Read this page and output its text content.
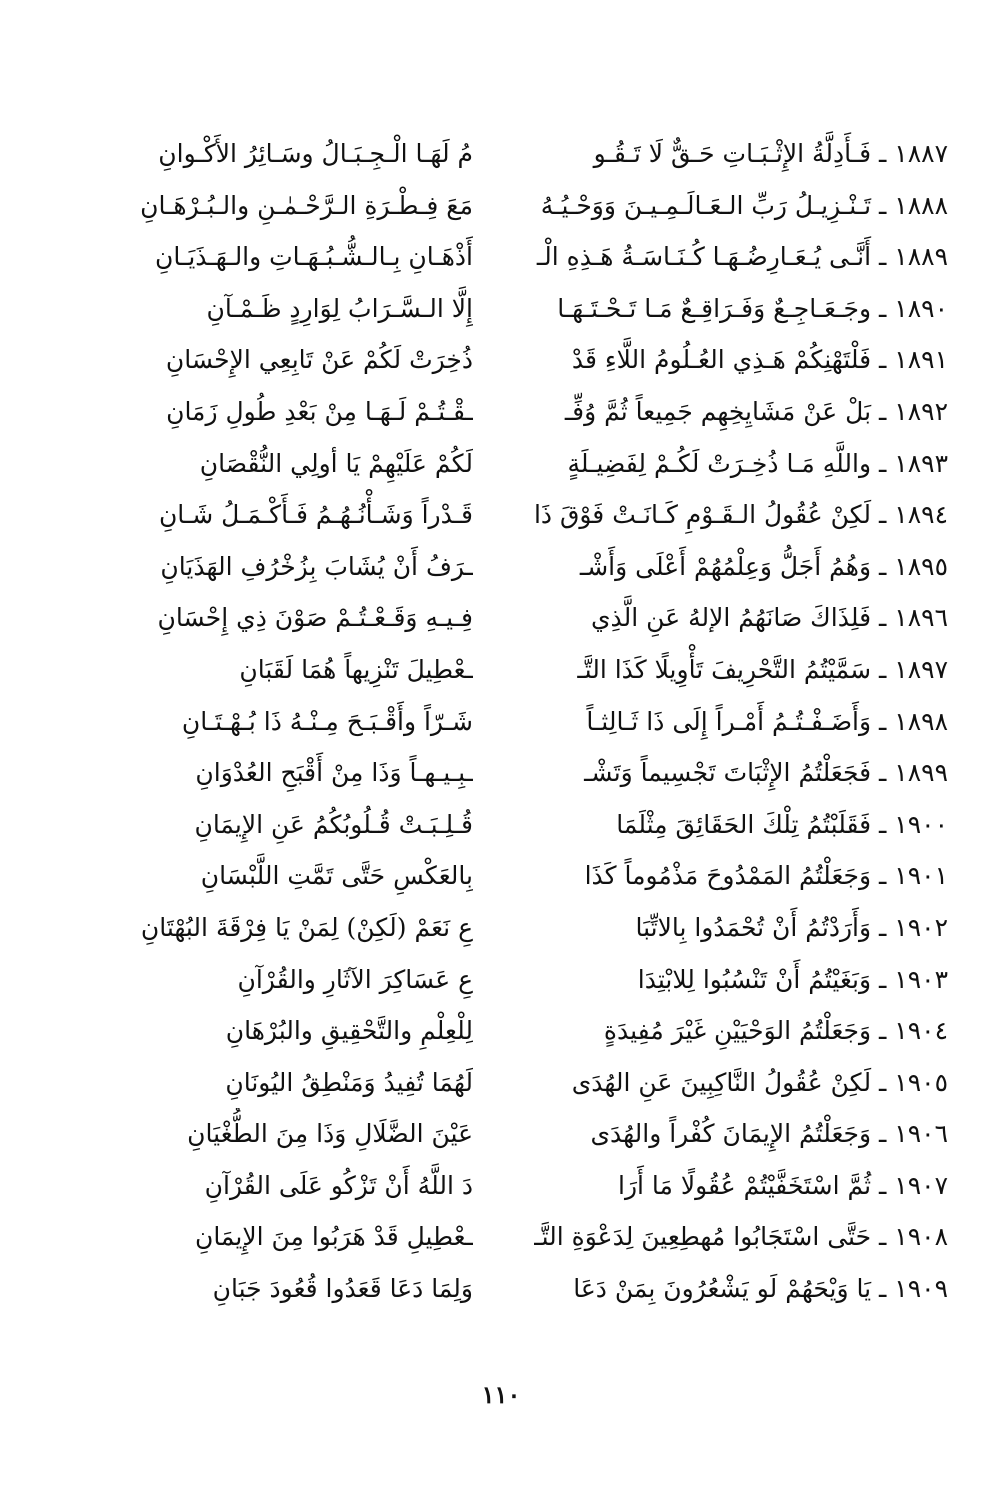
١٨٨٧ ـ فَـأَدِلَّةُ الإِثْـبَـاتِ حَـقٌّ لَا تَـقُـو
مُ لَهَـا الْـجِـبَـالُ وسَـائِرُ الأَكْـوانِ
١٨٨٨ ـ تَـنْـزِيـلُ رَبِّ الـعَـالَـمِـيـنَ وَوَحْـيُـهُ
مَعَ فِـطْـرَةِ الـرَّحْـمٰـنِ والـبُـرْهَـانِ
١٨٨٩ ـ أَنَّـى يُـعَـارِضُـهَـا كُـنَـاسَـةُ هَـذِهِ الْـ
أَذْهَـانِ بِـالـشُّـبُـهَـاتِ والـهَـذَيَـانِ
١٨٩٠ ـ وجَـعَـاجِـعٌ وَفَـرَاقِـعٌ مَـا تَـحْـتَـهَـا
إِلَّا الـسَّـرَابُ لِوَارِدٍ ظَـمْـآنِ
١٨٩١ ـ فَلْتَهْنِكُمْ هَـذِي العُـلُومُ اللَّاءِ قَدْ
ذُخِرَتْ لَكُمْ عَنْ تَابِعِي الإِحْسَانِ
١٨٩٢ ـ بَلْ عَنْ مَشَايِخِهِم جَمِيعاً ثُمَّ وُفِّـ
ـقْـتُـمْ لَـهَـا مِنْ بَعْدِ طُولِ زَمَانِ
١٨٩٣ ـ واللَّهِ مَـا ذُخِـرَتْ لَكُـمْ لِفَضِيـلَةٍ
لَكُمْ عَلَيْهِمْ يَا أولِي النُّقْصَانِ
١٨٩٤ ـ لَكِنْ عُقُولُ الـقَـوْمِ كَـانَـتْ فَوْقَ ذَا
قَـدْراً وَشَـأْنُـهُـمُ فَـأَكْـمَـلُ شَـانِ
١٨٩٥ ـ وَهُمُ أَجَلُّ وَعِلْمُهُمْ أَعْلَى وَأَشْـ
ـرَفُ أَنْ يُشَابَ بِزُخْرُفِ الهَذَيَانِ
١٨٩٦ ـ فَلِذَاكَ صَانَهُمُ الإلهُ عَنِ الَّذِي
فِـيـهِ وَقَـعْـتُـمْ صَوْنَ ذِي إِحْسَانِ
١٨٩٧ ـ سَمَّيْتُمُ التَّحْرِيفَ تَأْوِيلًا كَذَا التَّـ
ـعْطِيلَ تَنْزِيهاً هُمَا لَقَبَانِ
١٨٩٨ ـ وَأَضَـفْـتُـمُ أَمْـراً إِلَى ذَا ثَـالِثـاً
شَـرّاً وأَقْـبَـحَ مِـنْـهُ ذَا بُـهْـتَـانِ
١٨٩٩ ـ فَجَعَلْتُمُ الإِثْبَاتَ تَجْسِيماً وَتَشْـ
ـبِـيـهـاً وَذَا مِنْ أَقْبَحِ العُدْوَانِ
١٩٠٠ ـ فَقَلَبْتُمُ تِلْكَ الحَقَائِقَ مِثْلَمَا
قُـلِـبَـتْ قُـلُوبُكُمُ عَنِ الإِيمَانِ
١٩٠١ ـ وَجَعَلْتُمُ المَمْدُوحَ مَذْمُوماً كَذَا
بِالعَكْسِ حَتَّى تَمَّتِ اللَّبْسَانِ
١٩٠٢ ـ وَأَرَدْتُمُ أَنْ تُحْمَدُوا بِالاتِّبَا
عِ نَعَمْ (لَكِنْ) لِمَنْ يَا فِرْقَةَ البُهْتَانِ
١٩٠٣ ـ وَبَغَيْتُمُ أَنْ تَنْسُبُوا لِلابْتِدَا
عِ عَسَاكِرَ الآثَارِ والقُرْآنِ
١٩٠٤ ـ وَجَعَلْتُمُ الوَحْيَيْنِ غَيْرَ مُفِيدَةٍ
لِلْعِلْمِ والتَّحْقِيقِ والبُرْهَانِ
١٩٠٥ ـ لَكِنْ عُقُولُ النَّاكِبِينَ عَنِ الهُدَى
لَهُمَا تُفِيدُ وَمَنْطِقُ اليُونَانِ
١٩٠٦ ـ وَجَعَلْتُمُ الإِيمَانَ كُفْراً والهُدَى
عَيْنَ الضَّلَالِ وَذَا مِنَ الطُّغْيَانِ
١٩٠٧ ـ ثُمَّ اسْتَخَفَّيْتُمْ عُقُولًا مَا أَرَا
دَ اللَّهُ أَنْ تَزْكُو عَلَى القُرْآنِ
١٩٠٨ ـ حَتَّى اسْتَجَابُوا مُهطِعِينَ لِدَعْوَةِ التَّـ
ـعْطِيلِ قَدْ هَرَبُوا مِنَ الإِيمَانِ
١٩٠٩ ـ يَا وَيْحَهُمْ لَو يَشْعُرُونَ بِمَنْ دَعَا
وَلِمَا دَعَا قَعَدُوا قُعُودَ جَبَانِ
١١٠
